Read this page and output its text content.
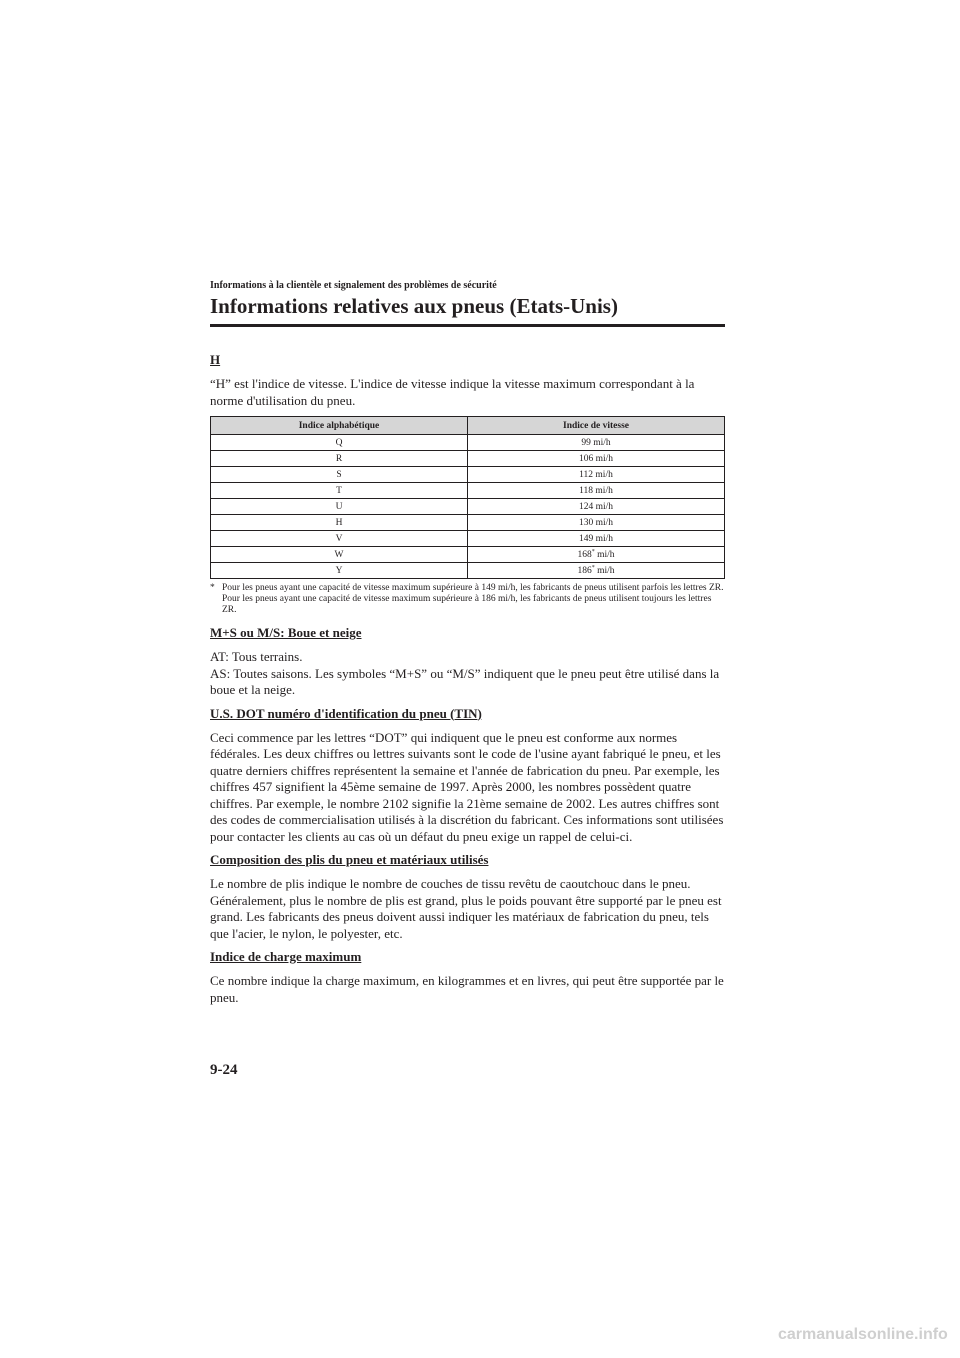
Informations à la clientèle et signalement des problèmes de sécurité
Informations relatives aux pneus (Etats-Unis)
H

“H” est l'indice de vitesse. L'indice de vitesse indique la vitesse maximum correspondant à la norme d'utilisation du pneu.

Indice alphabétique	Indice de vitesse
Q	99 mi/h
R	106 mi/h
S	112 mi/h
T	118 mi/h
U	124 mi/h
H	130 mi/h
V	149 mi/h
W	168* mi/h
Y	186* mi/h
* Pour les pneus ayant une capacité de vitesse maximum supérieure à 149 mi/h, les fabricants de pneus utilisent parfois les lettres ZR. Pour les pneus ayant une capacité de vitesse maximum supérieure à 186 mi/h, les fabricants de pneus utilisent toujours les lettres ZR.
M+S ou M/S: Boue et neige

AT: Tous terrains.
AS: Toutes saisons. Les symboles “M+S” ou “M/S” indiquent que le pneu peut être utilisé dans la boue et la neige.

U.S. DOT numéro d'identification du pneu (TIN)

Ceci commence par les lettres “DOT” qui indiquent que le pneu est conforme aux normes fédérales. Les deux chiffres ou lettres suivants sont le code de l'usine ayant fabriqué le pneu, et les quatre derniers chiffres représentent la semaine et l'année de fabrication du pneu. Par exemple, les chiffres 457 signifient la 45ème semaine de 1997. Après 2000, les nombres possèdent quatre chiffres. Par exemple, le nombre 2102 signifie la 21ème semaine de 2002. Les autres chiffres sont des codes de commercialisation utilisés à la discrétion du fabricant. Ces informations sont utilisées pour contacter les clients au cas où un défaut du pneu exige un rappel de celui-ci.

Composition des plis du pneu et matériaux utilisés

Le nombre de plis indique le nombre de couches de tissu revêtu de caoutchouc dans le pneu. Généralement, plus le nombre de plis est grand, plus le poids pouvant être supporté par le pneu est grand. Les fabricants des pneus doivent aussi indiquer les matériaux de fabrication du pneu, tels que l'acier, le nylon, le polyester, etc.

Indice de charge maximum

Ce nombre indique la charge maximum, en kilogrammes et en livres, qui peut être supportée par le pneu.

9-24
carmanualsonline.info
